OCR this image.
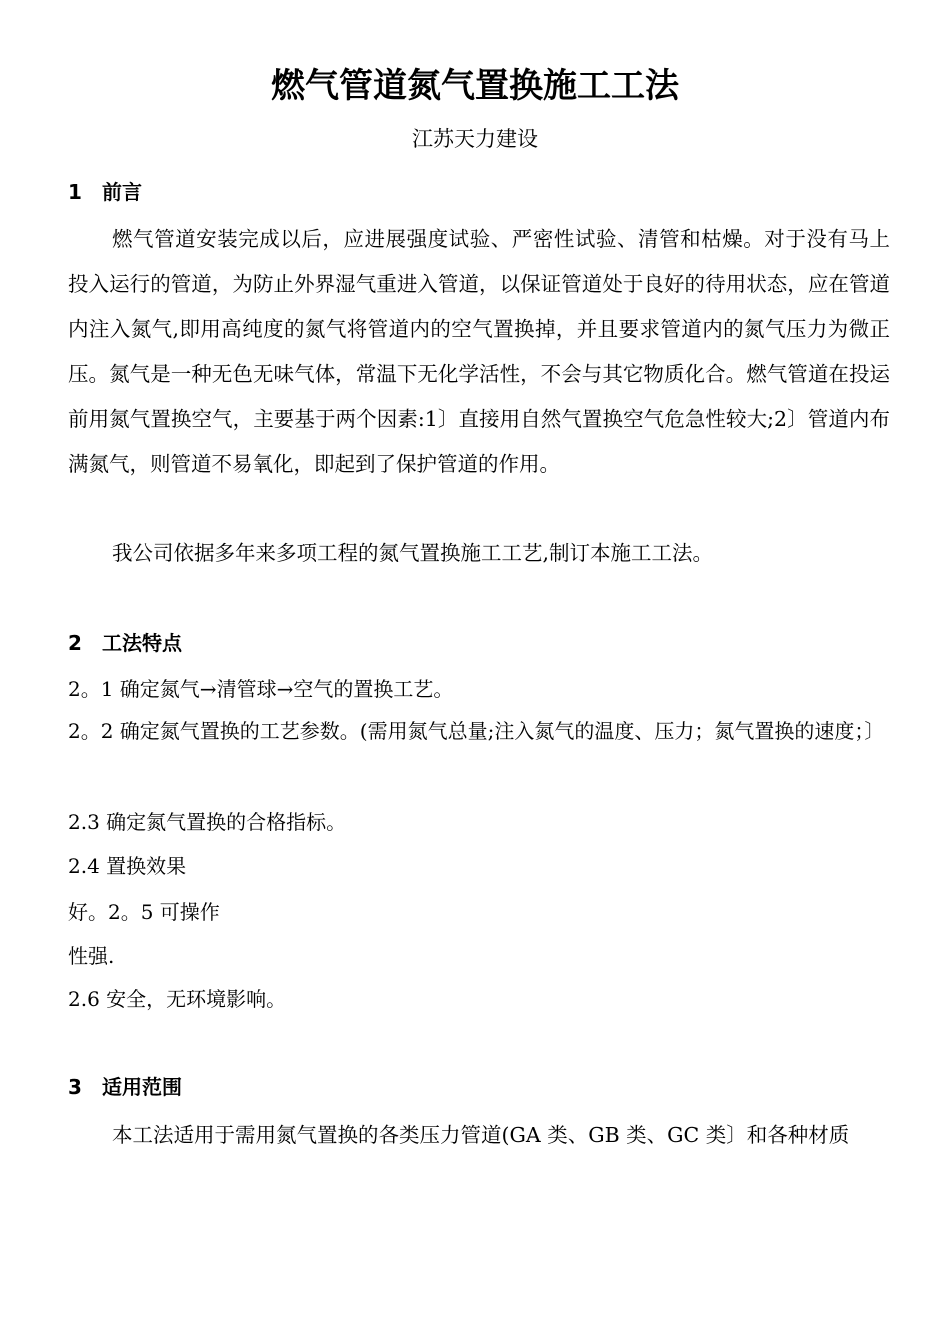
燃气管道氮气置换施工工法
江苏天力建设
1 前言

燃气管道安装完成以后，应进展强度试验、严密性试验、清管和枯燥。对于没有马上投入运行的管道，为防止外界湿气重进入管道，以保证管道处于良好的待用状态，应在管道内注入氮气,即用高纯度的氮气将管道内的空气置换掉，并且要求管道内的氮气压力为微正压。氮气是一种无色无味气体，常温下无化学活性，不会与其它物质化合。燃气管道在投运前用氮气置换空气，主要基于两个因素:1〕直接用自然气置换空气危急性较大;2〕管道内布满氮气，则管道不易氧化，即起到了保护管道的作用。

我公司依据多年来多项工程的氮气置换施工工艺,制订本施工工法。

2 工法特点
2。1 确定氮气→清管球→空气的置换工艺。

2。2 确定氮气置换的工艺参数。(需用氮气总量;注入氮气的温度、压力；氮气置换的速度；〕

2.3 确定氮气置换的合格指标。
2.4 置换效果
好。2。5 可操作
性强.
2.6 安全，无环境影响。
3 适用范围

本工法适用于需用氮气置换的各类压力管道(GA 类、GB 类、GC 类〕和各种材质
